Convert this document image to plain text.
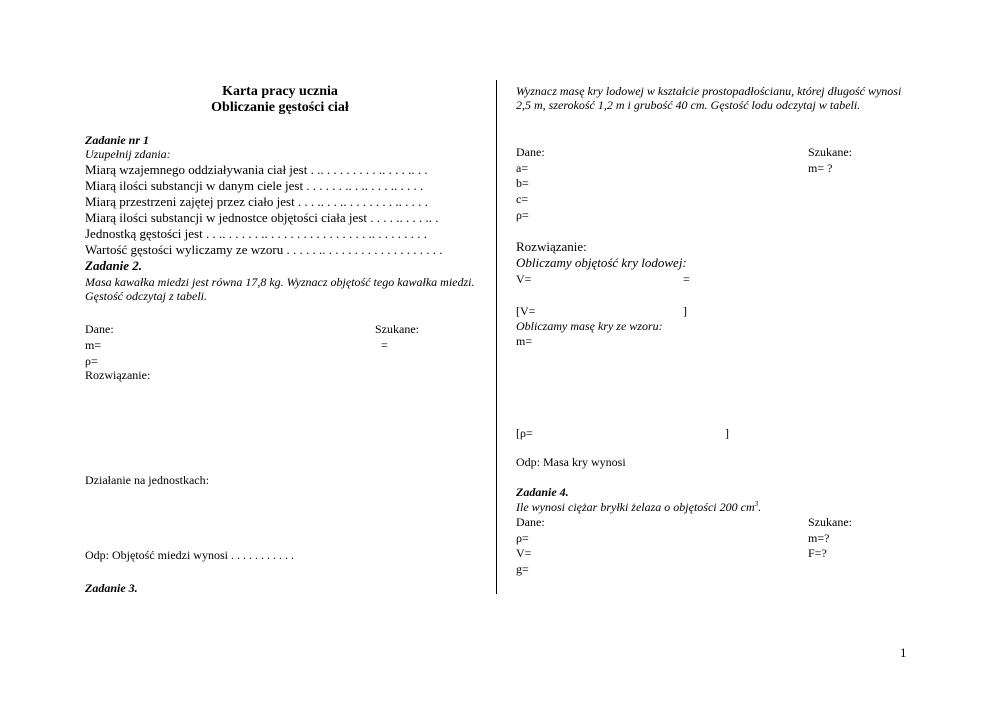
Karta pracy ucznia
Obliczanie gęstości ciał
Zadanie nr 1
Uzupełnij zdania:
Miarą wzajemnego oddziaływania ciał jest . .. . . . . . . . . .. . . . .. . .
Miarą ilości substancji w danym ciele jest . . . . . . .. . .. . . . .. . . . .
Miarą przestrzeni zajętej przez ciało jest . . . .. . . .. . . . . . . . .. . . . .
Miarą ilości substancji w jednostce objętości ciała jest . . . . .. . . . .. .
Jednostką gęstości jest . . .. . . . . . .. . . . . . . . . . . . . . . . .. . . . . . . . .
Wartość gęstości wyliczamy ze wzoru . . . . . .. . . . . . . . . . . . . . . . . . .
Zadanie 2.
Masa kawałka miedzi jest równa 17,8 kg. Wyznacz objętość tego kawałka miedzi. Gęstość odczytaj z tabeli.
Dane:
m=
ρ=
Rozwiązanie:
Szukane:
=
Działanie na jednostkach:
Odp: Objętość miedzi wynosi . . . . . . . . . . .
Zadanie 3.
Wyznacz masę kry lodowej w kształcie prostopadłościanu, której długość wynosi 2,5 m, szerokość 1,2 m i grubość 40 cm. Gęstość lodu odczytaj w tabeli.
Dane:
a=
b=
c=
ρ=
Szukane:
m= ?
Rozwiązanie:
Obliczamy objętość kry lodowej:
V=	=
[V=	]
Obliczamy masę kry ze wzoru:
m=
[ρ=	]
Odp: Masa kry wynosi
Zadanie 4.
Ile wynosi ciężar bryłki żelaza o objętości 200 $cm^3$.
Dane:
ρ=
V=
g=
Szukane:
m=?
F=?
1
